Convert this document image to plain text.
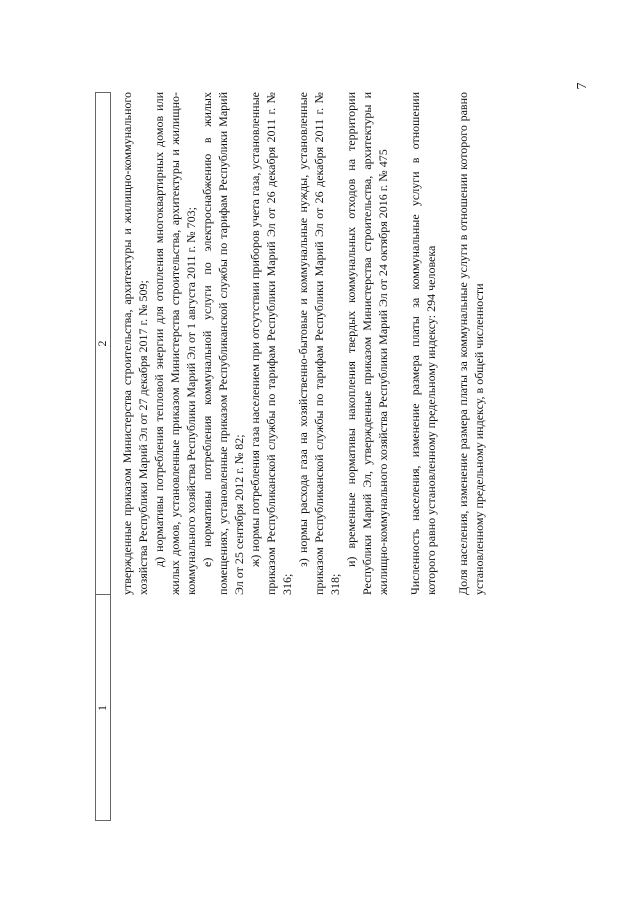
7
1
2 утвержденные приказом Министерства строительства, архитектуры и жилищно-коммунального хозяйства Республики Марий Эл от 27 декабря 2017 г. № 509; д) нормативы потребления тепловой энергии для отопления многоквартирных домов или жилых домов, установленные приказом Министерства строительства, архитектуры и жилищно-коммунального хозяйства Республики Марий Эл от 1 августа 2011 г. № 703; е) нормативы потребления коммунальной услуги по электроснабжению в жилых помещениях, установленные приказом Республиканской службы по тарифам Республики Марий Эл от 25 сентября 2012 г. № 82; ж) нормы потребления газа населением при отсутствии приборов учета газа, установленные приказом Республиканской службы по тарифам Республики Марий Эл от 26 декабря 2011 г. № 316;

з) нормы расхода газа на хозяйственно-бытовые и коммунальные нужды, установленные приказом Республиканской службы по тарифам Республики Марий Эл от 26 декабря 2011 г. № 318;

и) временные нормативы накопления твердых коммунальных отходов на территории Республики Марий Эл, утвержденные приказом Министерства строительства, архитектуры и жилищно-коммунального хозяйства Республики Марий Эл от 24 октября 2016 г. № 475 Численность населения, изменение размера платы за коммунальные услуги в отношении которого равно установленному предельному индексу: 294 человека Доля населения, изменение размера платы за коммунальные услуги в отношении которого равно установленному предельному индексу, в общей численности
